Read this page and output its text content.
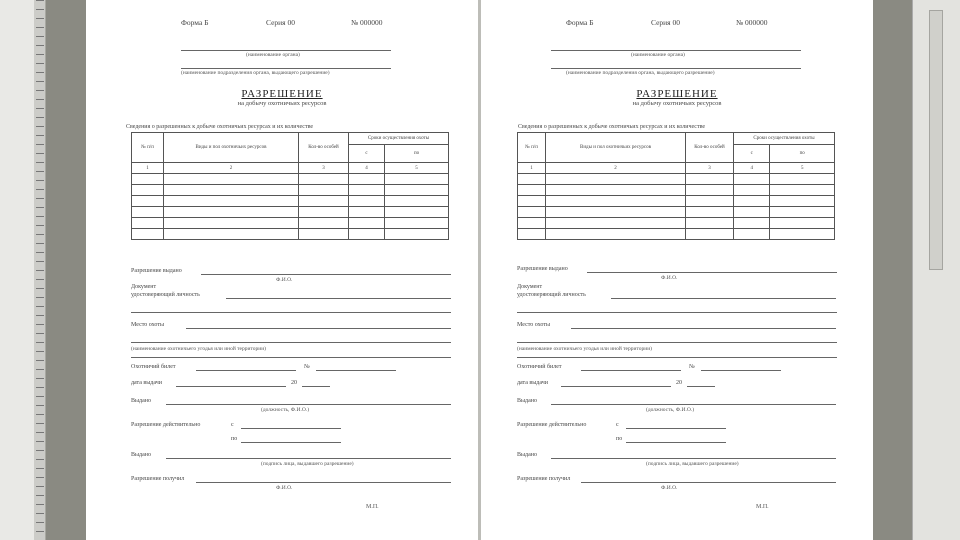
Форма Б	Серия 00	№ 000000
(наименование органа)
(наименование подразделения органа, выдающего разрешение)
РАЗРЕШЕНИЕ
на добычу охотничьих ресурсов
Сведения о разрешенных к добыче охотничьих ресурсах и их количестве
№ п/п	Виды и пол охотничьих ресурсов	Кол-во особей	Сроки осуществления охоты	
			с	по
1	2	3	4	5

Разрешение выдано
Ф.И.О.
Документ
удостоверяющий личность
Место охоты
(наименование охотничьего угодья или иной территории)
Охотничий билет	№
дата выдачи	20
Выдано
(должность, Ф.И.О.)
Разрешение действительно	с
по
Выдано
(подпись лица, выдавшего разрешение)
Разрешение получил
Ф.И.О.
М.П.
Форма Б	Серия 00	№ 000000
(наименование органа)
(наименование подразделения органа, выдающего разрешение)
РАЗРЕШЕНИЕ
на добычу охотничьих ресурсов
Сведения о разрешенных к добыче охотничьих ресурсах и их количестве
№ п/п	Виды и пол охотничьих ресурсов	Кол-во особей	Сроки осуществления охоты	
			с	по
1	2	3	4	5

Разрешение выдано
Ф.И.О.
Документ
удостоверяющий личность
Место охоты
(наименование охотничьего угодья или иной территории)
Охотничий билет	№
дата выдачи	20
Выдано
(должность, Ф.И.О.)
Разрешение действительно	с
по
Выдано
(подпись лица, выдавшего разрешение)
Разрешение получил
Ф.И.О.
М.П.
